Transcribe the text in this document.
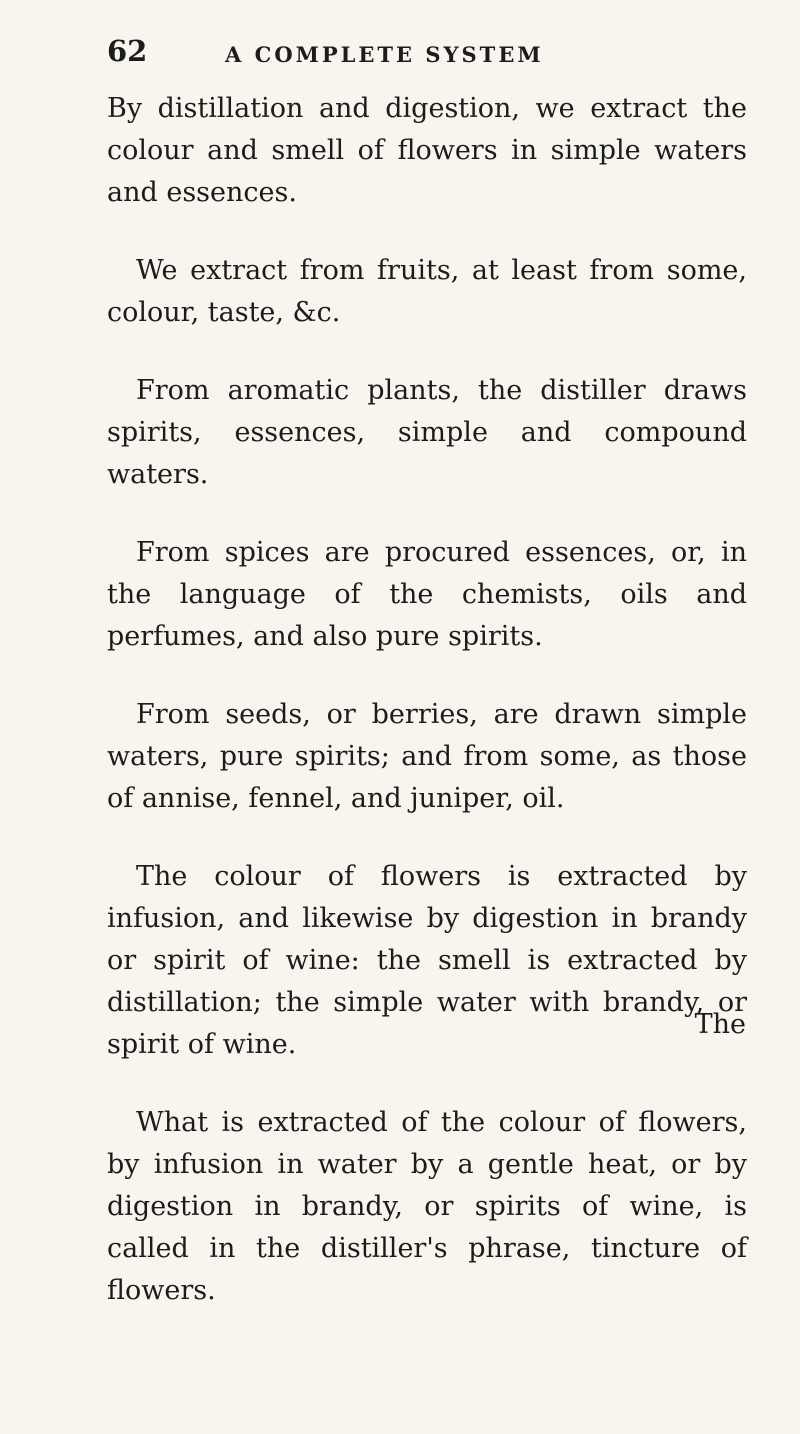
62	A COMPLETE SYSTEM

By distillation and digestion, we extract the colour and smell of flowers in simple waters and essences.

We extract from fruits, at least from some, colour, taste, &c.

From aromatic plants, the distiller draws spirits, essences, simple and compound waters.

From spices are procured essences, or, in the language of the chemists, oils and perfumes, and also pure spirits.

From seeds, or berries, are drawn simple waters, pure spirits; and from some, as those of annise, fennel, and juniper, oil.

The colour of flowers is extracted by infusion, and likewise by digestion in brandy or spirit of wine: the smell is extracted by distillation; the simple water with brandy, or spirit of wine.

What is extracted of the colour of flowers, by infusion in water by a gentle heat, or by digestion in brandy, or spirits of wine, is called in the distiller's phrase, tincture of flowers.

The
